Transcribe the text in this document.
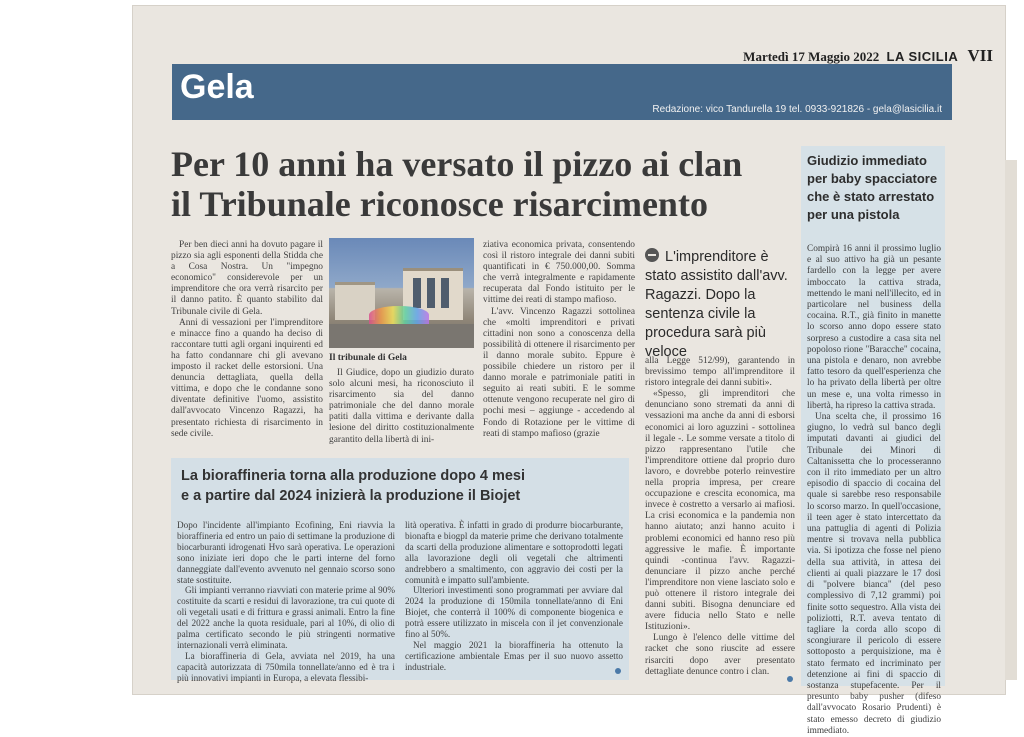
Martedì 17 Maggio 2022 LA SICILIA VII
Gela
Redazione: vico Tandurella 19 tel. 0933-921826 - gela@lasicilia.it
Per 10 anni ha versato il pizzo ai clan
il Tribunale riconosce risarcimento

Per ben dieci anni ha dovuto pagare il pizzo sia agli esponenti della Stidda che a Cosa Nostra. Un "impegno economico" considerevole per un imprenditore che ora verrà risarcito per il danno patito. È quanto stabilito dal Tribunale civile di Gela.

Anni di vessazioni per l'imprenditore e minacce fino a quando ha deciso di raccontare tutti agli organi inquirenti ed ha fatto condannare chi gli avevano imposto il racket delle estorsioni. Una denuncia dettagliata, quella della vittima, e dopo che le condanne sono diventate definitive l'uomo, assistito dall'avvocato Vincenzo Ragazzi, ha presentato richiesta di risarcimento in sede civile.

Il tribunale di Gela

Il Giudice, dopo un giudizio durato solo alcuni mesi, ha riconosciuto il risarcimento sia del danno patrimoniale che del danno morale patiti dalla vittima e derivante dalla lesione del diritto costituzionalmente garantito della libertà di ini-

ziativa economica privata, consentendo così il ristoro integrale dei danni subiti quantificati in € 750.000,00. Somma che verrà integralmente e rapidamente recuperata dal Fondo istituito per le vittime dei reati di stampo mafioso.

L'avv. Vincenzo Ragazzi sottolinea che «molti imprenditori e privati cittadini non sono a conoscenza della possibilità di ottenere il risarcimento per il danno morale subito. Eppure è possibile chiedere un ristoro per il danno morale e patrimoniale patiti in seguito ai reati subiti. E le somme ottenute vengono recuperate nel giro di pochi mesi – aggiunge - accedendo al Fondo di Rotazione per le vittime di reati di stampo mafioso (grazie

L'imprenditore è stato assistito dall'avv. Ragazzi. Dopo la sentenza civile la procedura sarà più veloce

alla Legge 512/99), garantendo in brevissimo tempo all'imprenditore il ristoro integrale dei danni subiti».

«Spesso, gli imprenditori che denunciano sono stremati da anni di vessazioni ma anche da anni di esborsi economici ai loro aguzzini - sottolinea il legale -. Le somme versate a titolo di pizzo rappresentano l'utile che l'imprenditore ottiene dal proprio duro lavoro, e dovrebbe poterlo reinvestire nella propria impresa, per creare occupazione e crescita economica, ma invece è costretto a versarlo ai mafiosi. La crisi economica e la pandemia non hanno aiutato; anzi hanno acuito i problemi economici ed hanno reso più aggressive le mafie. È importante quindi -continua l'avv. Ragazzi- denunciare il pizzo anche perché l'imprenditore non viene lasciato solo e può ottenere il ristoro integrale dei danni subiti. Bisogna denunciare ed avere fiducia nello Stato e nelle Istituzioni».

Lungo è l'elenco delle vittime del racket che sono riuscite ad essere risarciti dopo aver presentato dettagliate denunce contro i clan.

Giudizio immediato per baby spacciatore che è stato arrestato per una pistola

Compirà 16 anni il prossimo luglio e al suo attivo ha già un pesante fardello con la legge per avere imboccato la cattiva strada, mettendo le mani nell'illecito, ed in particolare nel business della cocaina. R.T., già finito in manette lo scorso anno dopo essere stato sorpreso a custodire a casa sita nel popoloso rione "Baracche" cocaina, una pistola e denaro, non avrebbe fatto tesoro da quell'esperienza che lo ha privato della libertà per oltre un mese e, una volta rimesso in libertà, ha ripreso la cattiva strada.

Una scelta che, il prossimo 16 giugno, lo vedrà sul banco degli imputati davanti ai giudici del Tribunale dei Minori di Caltanissetta che lo processeranno con il rito immediato per un altro episodio di spaccio di cocaina del quale si sarebbe reso responsabile lo scorso marzo. In quell'occasione, il teen ager è stato intercettato da una pattuglia di agenti di Polizia mentre si trovava nella pubblica via. Si ipotizza che fosse nel pieno della sua attività, in attesa dei clienti ai quali piazzare le 17 dosi di "polvere bianca" (del peso complessivo di 7,12 grammi) poi finite sotto sequestro. Alla vista dei poliziotti, R.T. aveva tentato di tagliare la corda allo scopo di scongiurare il pericolo di essere sottoposto a perquisizione, ma è stato fermato ed incriminato per detenzione ai fini di spaccio di sostanza stupefacente. Per il presunto baby pusher (difeso dall'avvocato Rosario Prudenti) è stato emesso decreto di giudizio immediato.

La bioraffineria torna alla produzione dopo 4 mesi
e a partire dal 2024 inizierà la produzione il Biojet

Dopo l'incidente all'impianto Ecofining, Eni riavvia la bioraffineria ed entro un paio di settimane la produzione di biocarburanti idrogenati Hvo sarà operativa. Le operazioni sono iniziate ieri dopo che le parti interne del forno danneggiate dall'evento avvenuto nel gennaio scorso sono state sostituite.

Gli impianti verranno riavviati con materie prime al 90% costituite da scarti e residui di lavorazione, tra cui quote di oli vegetali usati e di frittura e grassi animali. Entro la fine del 2022 anche la quota residuale, pari al 10%, di olio di palma certificato secondo le più stringenti normative internazionali verrà eliminata.

La bioraffineria di Gela, avviata nel 2019, ha una capacità autorizzata di 750mila tonnellate/anno ed è tra i più innovativi impianti in Europa, a elevata flessibi-

lità operativa. È infatti in grado di produrre biocarburante, bionafta e biogpl da materie prime che derivano totalmente da scarti della produzione alimentare e sottoprodotti legati alla lavorazione degli oli vegetali che altrimenti andrebbero a smaltimento, con aggravio dei costi per la comunità e impatto sull'ambiente.

Ulteriori investimenti sono programmati per avviare dal 2024 la produzione di 150mila tonnellate/anno di Eni Biojet, che conterrà il 100% di componente biogenica e potrà essere utilizzato in miscela con il jet convenzionale fino al 50%.

Nel maggio 2021 la bioraffineria ha ottenuto la certificazione ambientale Emas per il suo nuovo assetto industriale.
